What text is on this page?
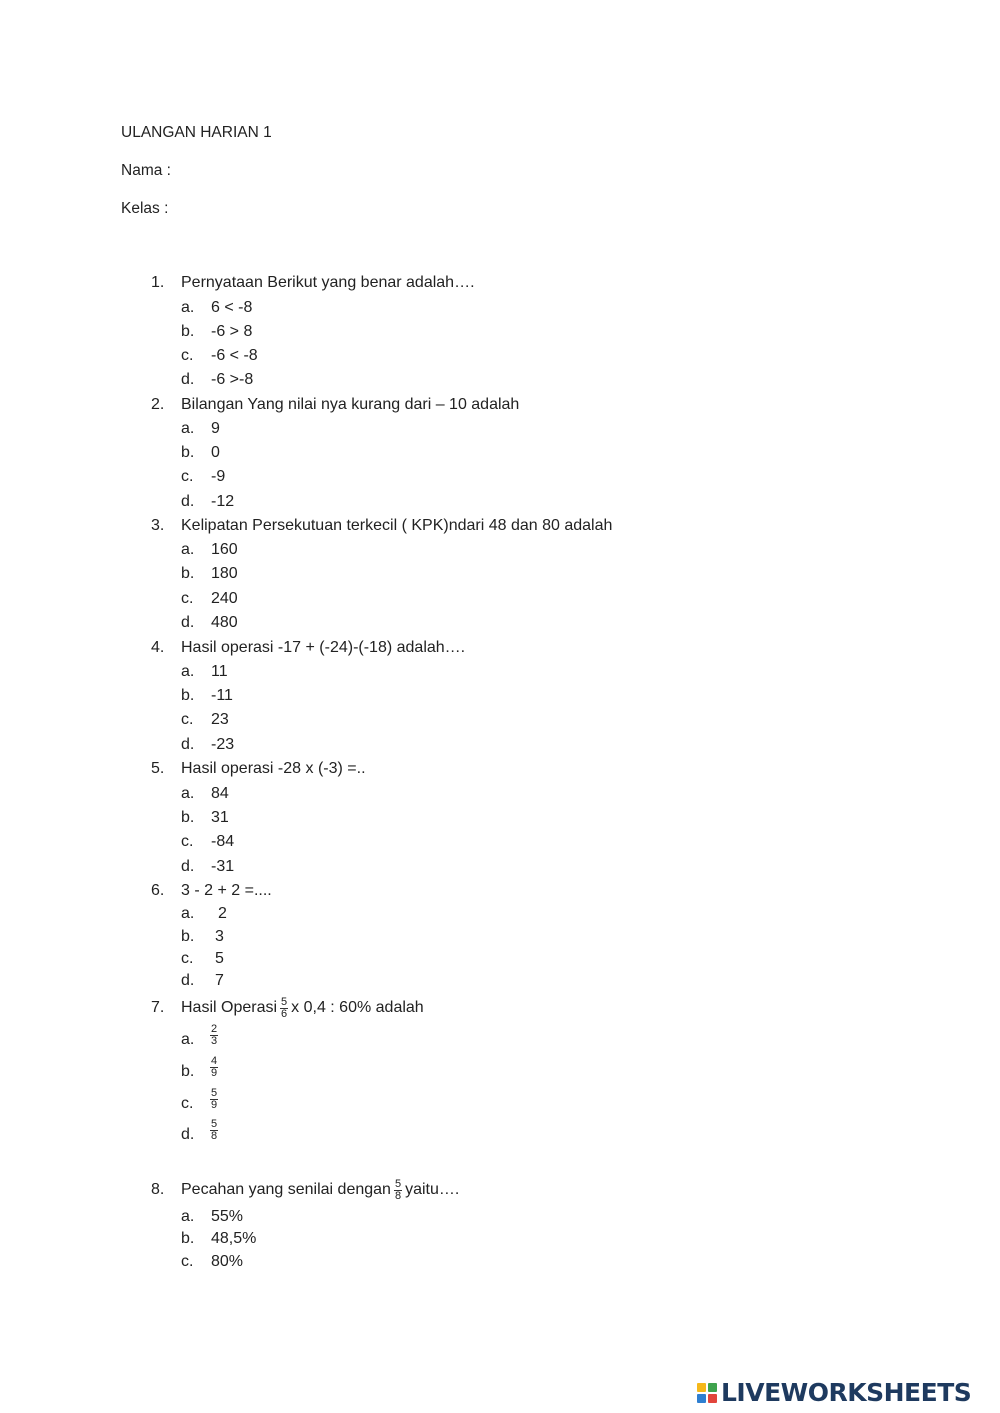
ULANGAN HARIAN 1
Nama :
Kelas :
1. Pernyataan Berikut yang benar adalah….
a. 6 < -8
b. -6 > 8
c. -6 < -8
d. -6 >-8
2. Bilangan Yang nilai nya kurang dari – 10 adalah
a. 9
b. 0
c. -9
d. -12
3. Kelipatan Persekutuan terkecil ( KPK)ndari 48 dan 80 adalah
a. 160
b. 180
c. 240
d. 480
4. Hasil operasi -17 + (-24)-(-18) adalah….
a. 11
b. -11
c. 23
d. -23
5. Hasil operasi -28 x (-3) =..
a. 84
b. 31
c. -84
d. -31
6. 3 - 2 + 2 =....
a. 2
b. 3
c. 5
d. 7
7. Hasil Operasi $\frac{5}{6}$ x 0,4 : 60% adalah
a. $\frac{2}{3}$
b. $\frac{4}{9}$
c. $\frac{5}{9}$
d. $\frac{5}{8}$
8. Pecahan yang senilai dengan $\frac{5}{8}$ yaitu….
a. 55%
b. 48,5%
c. 80%
LIVEWORKSHEETS
